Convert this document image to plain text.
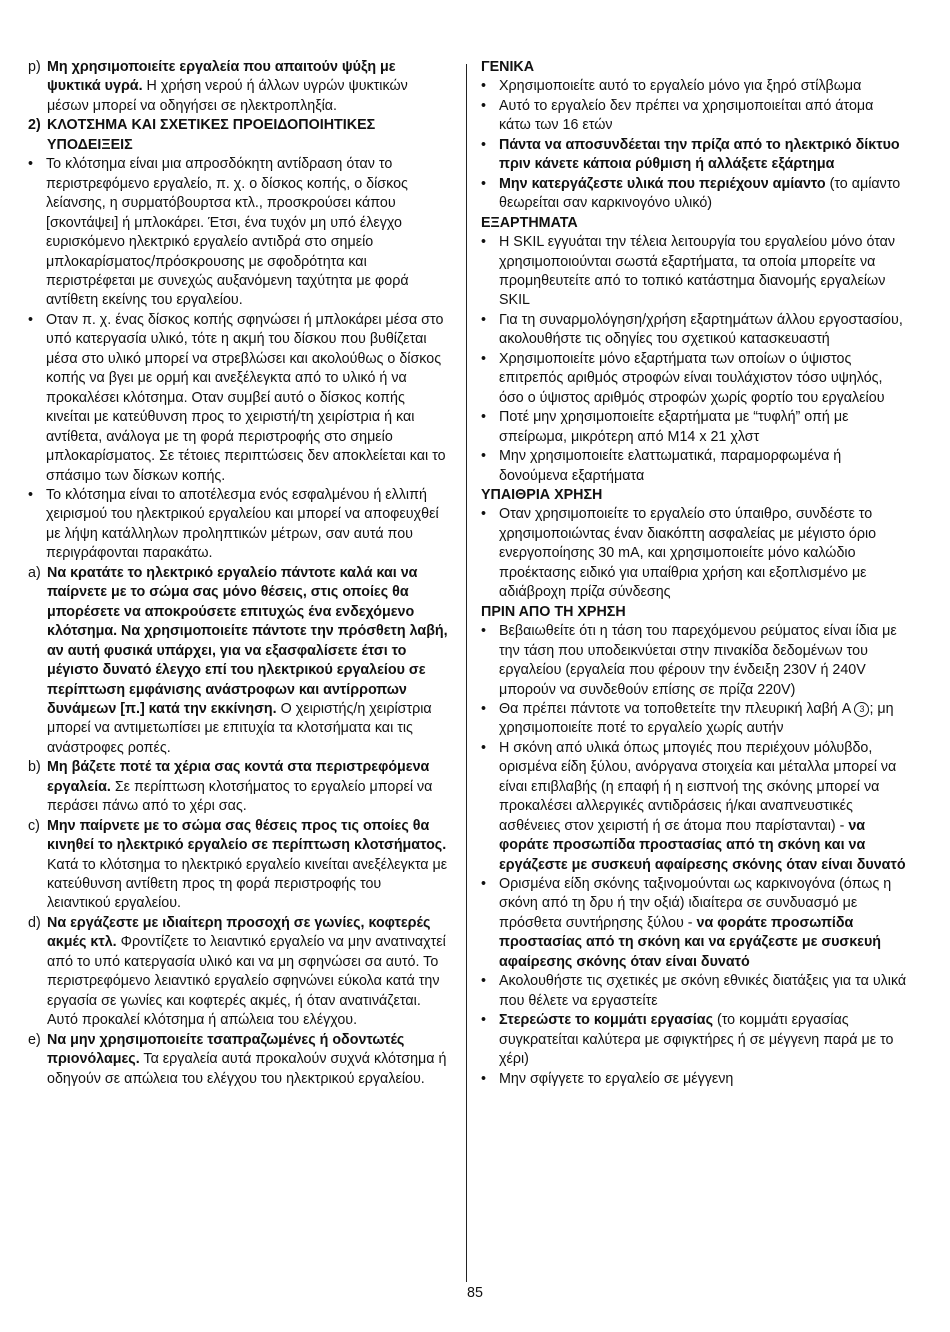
p) Μη χρησιμοποιείτε εργαλεία που απαιτούν ψύξη με ψυκτικά υγρά. Η χρήση νερού ή άλλων υγρών ψυκτικών μέσων μπορεί να οδηγήσει σε ηλεκτροπληξία.
2) ΚΛΟΤΣΗΜΑ ΚΑΙ ΣΧΕΤΙΚΕΣ ΠΡΟΕΙΔΟΠΟΙΗΤΙΚΕΣ ΥΠΟΔΕΙΞΕΙΣ
• Το κλότσημα είναι μια απροσδόκητη αντίδραση όταν το περιστρεφόμενο εργαλείο, π. χ. ο δίσκος κοπής, ο δίσκος λείανσης, η συρματόβουρτσα κτλ., προσκρούσει κάπου [σκοντάψει] ή μπλοκάρει. Έτσι, ένα τυχόν μη υπό έλεγχο ευρισκόμενο ηλεκτρικό εργαλείο αντιδρά στο σημείο μπλοκαρίσματος/πρόσκρουσης με σφοδρότητα και περιστρέφεται με συνεχώς αυξανόμενη ταχύτητα με φορά αντίθετη εκείνης του εργαλείου.
• Οταν π. χ. ένας δίσκος κοπής σφηνώσει ή μπλοκάρει μέσα στο υπό κατεργασία υλικό, τότε η ακμή του δίσκου που βυθίζεται μέσα στο υλικό μπορεί να στρεβλώσει και ακολούθως ο δίσκος κοπής να βγει με ορμή και ανεξέλεγκτα από το υλικό ή να προκαλέσει κλότσημα. Οταν συμβεί αυτό ο δίσκος κοπής κινείται με κατεύθυνση προς το χειριστή/τη χειρίστρια ή και αντίθετα, ανάλογα με τη φορά περιστροφής στο σημείο μπλοκαρίσματος. Σε τέτοιες περιπτώσεις δεν αποκλείεται και το σπάσιμο των δίσκων κοπής.
• Το κλότσημα είναι το αποτέλεσμα ενός εσφαλμένου ή ελλιπή χειρισμού του ηλεκτρικού εργαλείου και μπορεί να αποφευχθεί με λήψη κατάλληλων προληπτικών μέτρων, σαν αυτά που περιγράφονται παρακάτω.
a) Να κρατάτε το ηλεκτρικό εργαλείο πάντοτε καλά και να παίρνετε με το σώμα σας μόνο θέσεις, στις οποίες θα μπορέσετε να αποκρούσετε επιτυχώς ένα ενδεχόμενο κλότσημα. Να χρησιμοποιείτε πάντοτε την πρόσθετη λαβή, αν αυτή φυσικά υπάρχει, για να εξασφαλίσετε έτσι το μέγιστο δυνατό έλεγχο επί του ηλεκτρικού εργαλείου σε περίπτωση εμφάνισης ανάστροφων και αντίρροπων δυνάμεων [π.] κατά την εκκίνηση. Ο χειριστής/η χειρίστρια μπορεί να αντιμετωπίσει με επιτυχία τα κλοτσήματα και τις ανάστροφες ροπές.
b) Μη βάζετε ποτέ τα χέρια σας κοντά στα περιστρεφόμενα εργαλεία. Σε περίπτωση κλοτσήματος το εργαλείο μπορεί να περάσει πάνω από το χέρι σας.
c) Μην παίρνετε με το σώμα σας θέσεις προς τις οποίες θα κινηθεί το ηλεκτρικό εργαλείο σε περίπτωση κλοτσήματος. Κατά το κλότσημα το ηλεκτρικό εργαλείο κινείται ανεξέλεγκτα με κατεύθυνση αντίθετη προς τη φορά περιστροφής του λειαντικού εργαλείου.
d) Να εργάζεστε με ιδιαίτερη προσοχή σε γωνίες, κοφτερές ακμές κτλ. Φροντίζετε το λειαντικό εργαλείο να μην ανατιναχτεί από το υπό κατεργασία υλικό και να μη σφηνώσει σα αυτό. Το περιστρεφόμενο λειαντικό εργαλείο σφηνώνει εύκολα κατά την εργασία σε γωνίες και κοφτερές ακμές, ή όταν ανατινάζεται. Αυτό προκαλεί κλότσημα ή απώλεια του ελέγχου.
e) Να μην χρησιμοποιείτε τσαπραζωμένες ή οδοντωτές πριονόλαμες. Τα εργαλεία αυτά προκαλούν συχνά κλότσημα ή οδηγούν σε απώλεια του ελέγχου του ηλεκτρικού εργαλείου.
ΓΕΝΙΚΑ
• Χρησιμοποιείτε αυτό το εργαλείο μόνο για ξηρό στίλβωμα
• Αυτό το εργαλείο δεν πρέπει να χρησιμοποιείται από άτομα κάτω των 16 ετών
• Πάντα να αποσυνδέεται την πρίζα από το ηλεκτρικό δίκτυο πριν κάνετε κάποια ρύθμιση ή αλλάξετε εξάρτημα
• Μην κατεργάζεστε υλικά που περιέχουν αμίαντο (το αμίαντο θεωρείται σαν καρκινογόνο υλικό)
ΕΞΑΡΤΗΜΑΤΑ
• Η SKIL εγγυάται την τέλεια λειτουργία του εργαλείου μόνο όταν χρησιμοποιούνται σωστά εξαρτήματα, τα οποία μπορείτε να προμηθευτείτε από το τοπικό κατάστημα διανομής εργαλείων SKIL
• Για τη συναρμολόγηση/χρήση εξαρτημάτων άλλου εργοστασίου, ακολουθήστε τις οδηγίες του σχετικού κατασκευαστή
• Χρησιμοποιείτε μόνο εξαρτήματα των οποίων ο ύψιστος επιτρεπός αριθμός στροφών είναι τουλάχιστον τόσο υψηλός, όσο ο ύψιστος αριθμός στροφών χωρίς φορτίο του εργαλείου
• Ποτέ μην χρησιμοποιείτε εξαρτήματα με “τυφλή” οπή με σπείρωμα, μικρότερη από M14 x 21 χλστ
• Μην χρησιμοποιείτε ελαττωματικά, παραμορφωμένα ή δονούμενα εξαρτήματα
ΥΠΑΙΘΡΙΑ ΧΡΗΣΗ
• Οταν χρησιμοποιείτε το εργαλείο στο ύπαιθρο, συνδέστε το χρησιμοποιώντας έναν διακόπτη ασφαλείας με μέγιστο όριο ενεργοποίησης 30 mA, και χρησιμοποιείτε μόνο καλώδιο προέκτασης ειδικό για υπαίθρια χρήση και εξοπλισμένο με αδιάβροχη πρίζα σύνδεσης
ΠΡΙΝ ΑΠΟ ΤΗ ΧΡΗΣΗ
• Βεβαιωθείτε ότι η τάση του παρεχόμενου ρεύματος είναι ίδια με την τάση που υποδεικνύεται στην πινακίδα δεδομένων του εργαλείου (εργαλεία που φέρουν την ένδειξη 230V ή 240V μπορούν να συνδεθούν επίσης σε πρίζα 220V)
• Θα πρέπει πάντοτε να τοποθετείτε την πλευρική λαβή A 3 ; μη χρησιμοποιείτε ποτέ το εργαλείο χωρίς αυτήν
• Η σκόνη από υλικά όπως μπογιές που περιέχουν μόλυβδο, ορισμένα είδη ξύλου, ανόργανα στοιχεία και μέταλλα μπορεί να είναι επιβλαβής (η επαφή ή η εισπνοή της σκόνης μπορεί να προκαλέσει αλλεργικές αντιδράσεις ή/και αναπνευστικές ασθένειες στον χειριστή ή σε άτομα που παρίστανται) - να φοράτε προσωπίδα προστασίας από τη σκόνη και να εργάζεστε με συσκευή αφαίρεσης σκόνης όταν είναι δυνατό
• Ορισμένα είδη σκόνης ταξινομούνται ως καρκινογόνα (όπως η σκόνη από τη δρυ ή την οξιά) ιδιαίτερα σε συνδυασμό με πρόσθετα συντήρησης ξύλου - να φοράτε προσωπίδα προστασίας από τη σκόνη και να εργάζεστε με συσκευή αφαίρεσης σκόνης όταν είναι δυνατό
• Ακολουθήστε τις σχετικές με σκόνη εθνικές διατάξεις για τα υλικά που θέλετε να εργαστείτε
• Στερεώστε το κομμάτι εργασίας (το κομμάτι εργασίας συγκρατείται καλύτερα με σφιγκτήρες ή σε μέγγενη παρά με το χέρι)
• Μην σφίγγετε το εργαλείο σε μέγγενη
85
